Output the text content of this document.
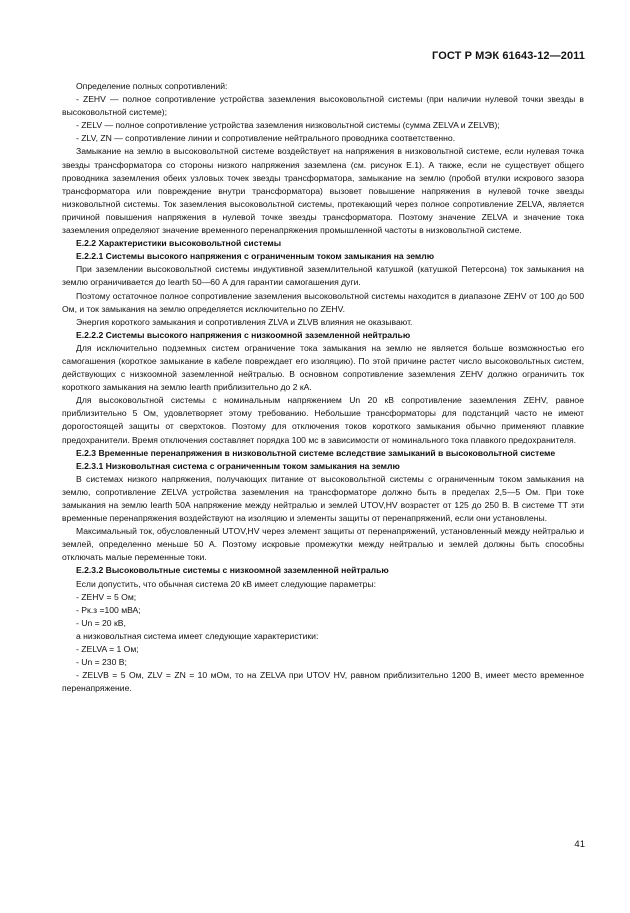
ГОСТ Р МЭК 61643-12—2011

Определение полных сопротивлений:

- ZEHV — полное сопротивление устройства заземления высоковольтной системы (при наличии нулевой точки звезды в высоковольтной системе);

- ZELV — полное сопротивление устройства заземления низковольтной системы (сумма ZELVA и ZELVB);

- ZLV, ZN — сопротивление линии и сопротивление нейтрального проводника соответственно.

Замыкание на землю в высоковольтной системе воздействует на напряжения в низковольтной системе, если нулевая точка звезды трансформатора со стороны низкого напряжения заземлена (см. рисунок Е.1). А также, если не существует общего проводника заземления обеих узловых точек звезды трансформатора, замыкание на землю (пробой втулки искрового зазора трансформатора или повреждение внутри трансформатора) вызовет повышение напряжения в нулевой точке звезды низковольтной системы. Ток заземления высоковольтной системы, протекающий через полное сопротивление ZELVA, является причиной повышения напряжения в нулевой точке звезды трансформатора. Поэтому значение ZELVA и значение тока заземления определяют значение временного перенапряжения промышленной частоты в низковольтной системе.

Е.2.2 Характеристики высоковольтной системы

Е.2.2.1 Системы высокого напряжения с ограниченным током замыкания на землю

При заземлении высоковольтной системы индуктивной заземлительной катушкой (катушкой Петерсона) ток замыкания на землю ограничивается до Iearth 50—60 А для гарантии самогашения дуги.

Поэтому остаточное полное сопротивление заземления высоковольтной системы находится в диапазоне ZEHV от 100 до 500 Ом, и ток замыкания на землю определяется исключительно по ZEHV.

Энергия короткого замыкания и сопротивления ZLVA и ZLVB влияния не оказывают.

Е.2.2.2 Системы высокого напряжения с низкоомной заземленной нейтралью

Для исключительно подземных систем ограничение тока замыкания на землю не является больше возможностью его самогашения (короткое замыкание в кабеле повреждает его изоляцию). По этой причине растет число высоковольтных систем, действующих с низкоомной заземленной нейтралью. В основном сопротивление заземления ZEHV должно ограничить ток короткого замыкания на землю Iearth приблизительно до 2 кА.

Для высоковольтной системы с номинальным напряжением Un 20 кВ сопротивление заземления ZEHV, равное приблизительно 5 Ом, удовлетворяет этому требованию. Небольшие трансформаторы для подстанций часто не имеют дорогостоящей защиты от сверхтоков. Поэтому для отключения токов короткого замыкания обычно применяют плавкие предохранители. Время отключения составляет порядка 100 мс в зависимости от номинального тока плавкого предохранителя.

Е.2.3 Временные перенапряжения в низковольтной системе вследствие замыканий в высоковольтной системе

Е.2.3.1 Низковольтная система с ограниченным током замыкания на землю

В системах низкого напряжения, получающих питание от высоковольтной системы с ограниченным током замыкания на землю, сопротивление ZELVA устройства заземления на трансформаторе должно быть в пределах 2,5—5 Ом. При токе замыкания на землю Iearth 50А напряжение между нейтралью и землей UTOV,HV возрастет от 125 до 250 В. В системе ТТ эти временные перенапряжения воздействуют на изоляцию и элементы защиты от перенапряжений, если они установлены.

Максимальный ток, обусловленный UTOV,HV через элемент защиты от перенапряжений, установленный между нейтралью и землей, определенно меньше 50 А. Поэтому искровые промежутки между нейтралью и землей должны быть способны отключать малые переменные токи.

Е.2.3.2 Высоковольтные системы с низкоомной заземленной нейтралью

Если допустить, что обычная система 20 кВ имеет следующие параметры:

- ZEHV = 5 Ом;

- Pк.з =100 мВА;

- Un = 20 кВ,

а низковольтная система имеет следующие характеристики:

- ZELVA = 1 Ом;

- Un = 230 В;

- ZELVB = 5 Ом, ZLV = ZN = 10 мОм, то на ZELVA при UTOV HV, равном приблизительно 1200 В, имеет место временное перенапряжение.

41
